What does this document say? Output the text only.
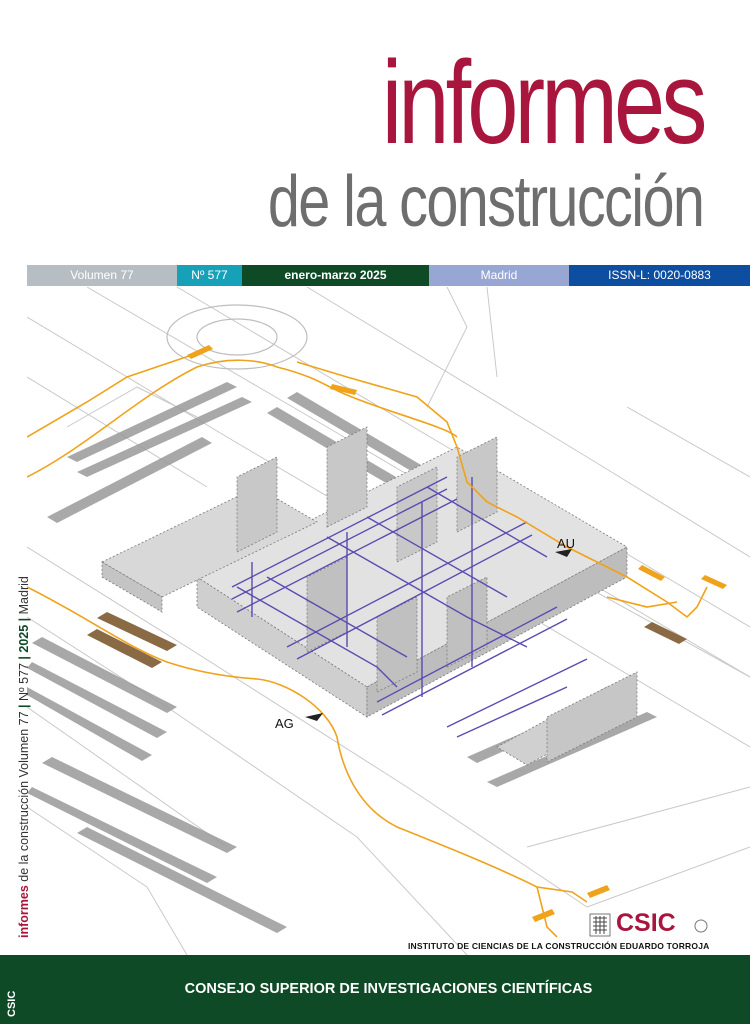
informes
de la construcción
Volumen 77	Nº 577	enero-marzo 2025	Madrid	ISSN-L: 0020-0883
AU
AG
informes de la construcción Volumen 77 | Nº 577 | 2025 | Madrid
CSIC
INSTITUTO DE CIENCIAS DE LA CONSTRUCCIÓN EDUARDO TORROJA
CSIC
CONSEJO SUPERIOR DE INVESTIGACIONES CIENTÍFICAS
